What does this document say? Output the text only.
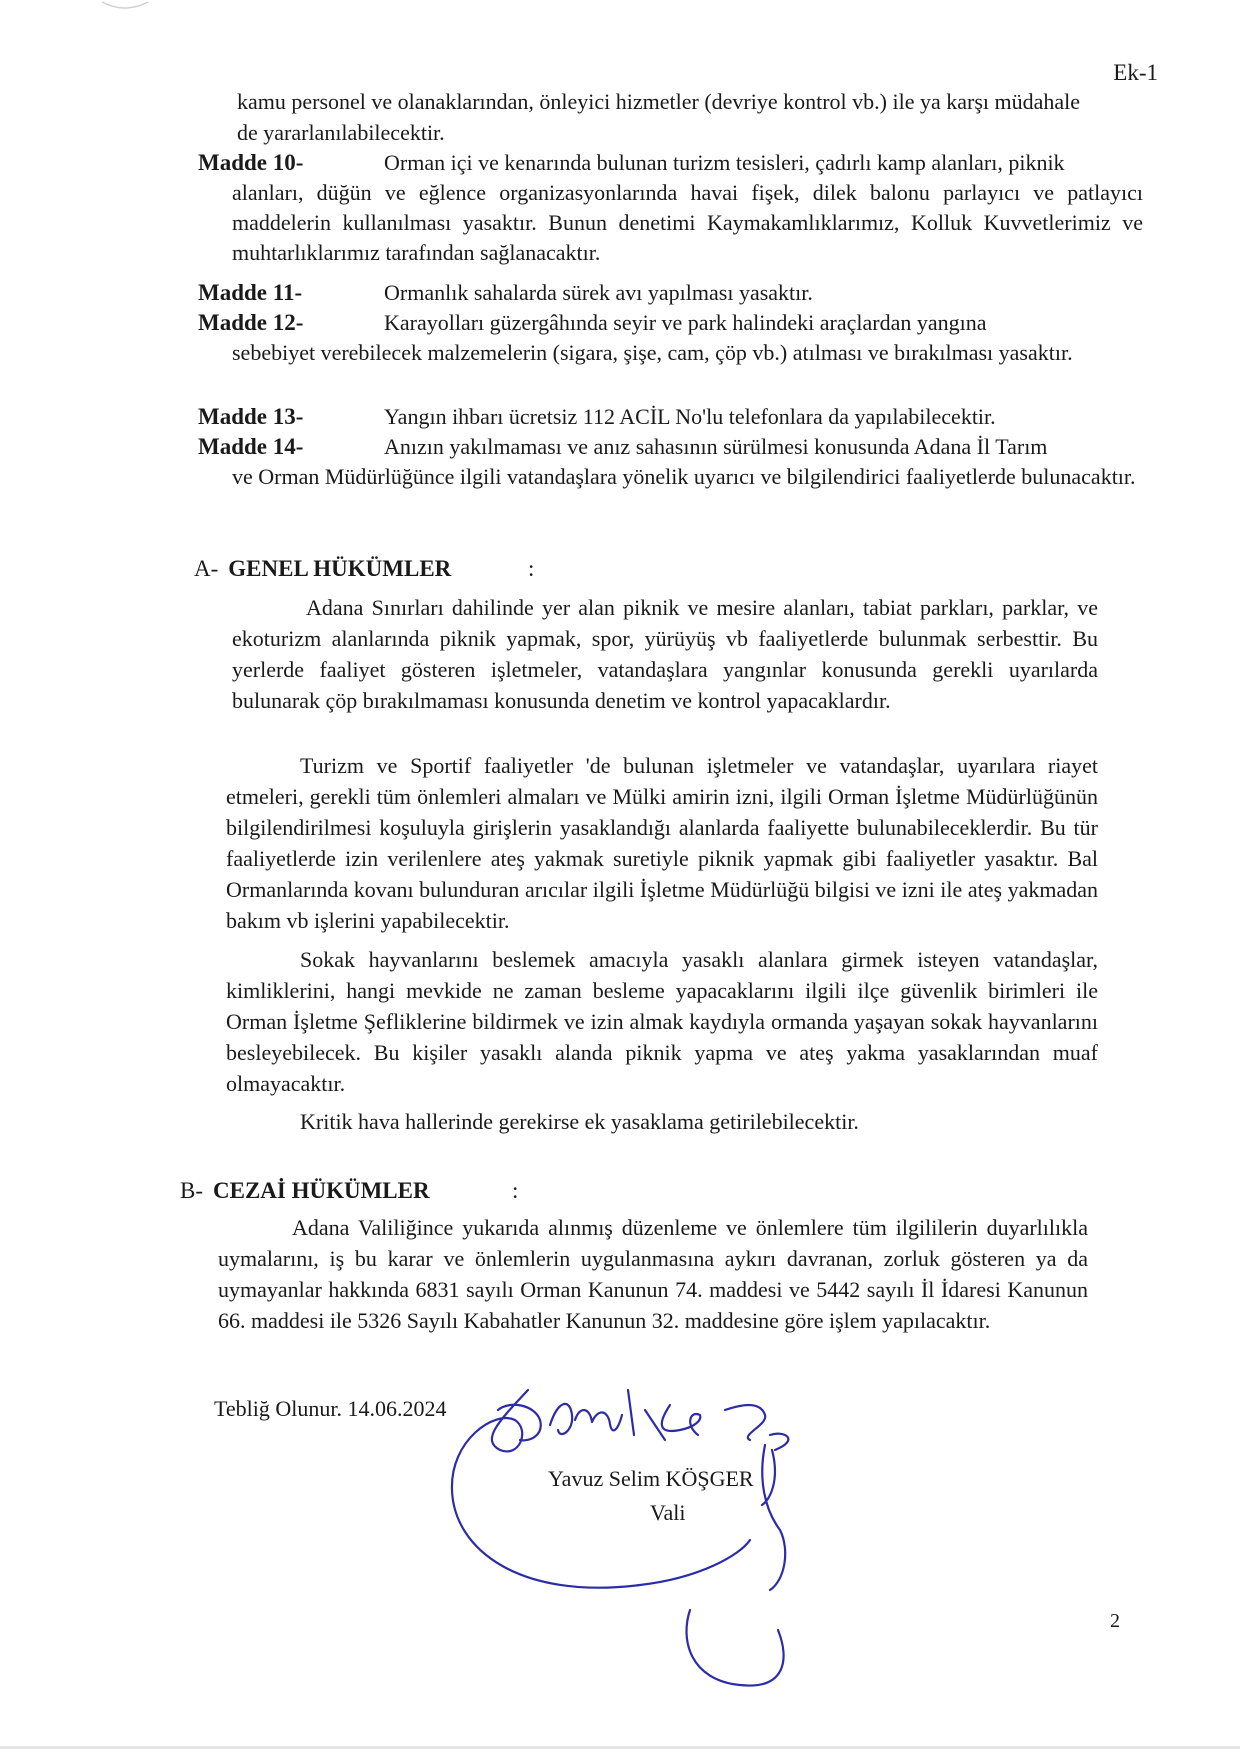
Ek-1
kamu personel ve olanaklarından, önleyici hizmetler (devriye kontrol vb.) ile ya karşı müdahale de yararlanılabilecektir.
Madde 10-	Orman içi ve kenarında bulunan turizm tesisleri, çadırlı kamp alanları, piknik
alanları, düğün ve eğlence organizasyonlarında havai fişek, dilek balonu parlayıcı ve patlayıcı maddelerin kullanılması yasaktır. Bunun denetimi Kaymakamlıklarımız, Kolluk Kuvvetlerimiz ve muhtarlıklarımız tarafından sağlanacaktır.
Madde 11-	Ormanlık sahalarda sürek avı yapılması yasaktır.
Madde 12-	Karayolları güzergâhında seyir ve park halindeki araçlardan yangına
sebebiyet verebilecek malzemelerin (sigara, şişe, cam, çöp vb.) atılması ve bırakılması yasaktır.
Madde 13-	Yangın ihbarı ücretsiz 112 ACİL No'lu telefonlara da yapılabilecektir.
Madde 14-	Anızın yakılmaması ve anız sahasının sürülmesi konusunda Adana İl Tarım
ve Orman Müdürlüğünce ilgili vatandaşlara yönelik uyarıcı ve bilgilendirici faaliyetlerde bulunacaktır.
A- GENEL HÜKÜMLER	:
Adana Sınırları dahilinde yer alan piknik ve mesire alanları, tabiat parkları, parklar, ve ekoturizm alanlarında piknik yapmak, spor, yürüyüş vb faaliyetlerde bulunmak serbesttir. Bu yerlerde faaliyet gösteren işletmeler, vatandaşlara yangınlar konusunda gerekli uyarılarda bulunarak çöp bırakılmaması konusunda denetim ve kontrol yapacaklardır.
Turizm ve Sportif faaliyetler 'de bulunan işletmeler ve vatandaşlar, uyarılara riayet etmeleri, gerekli tüm önlemleri almaları ve Mülki amirin izni, ilgili Orman İşletme Müdürlüğünün bilgilendirilmesi koşuluyla girişlerin yasaklandığı alanlarda faaliyette bulunabileceklerdir. Bu tür faaliyetlerde izin verilenlere ateş yakmak suretiyle piknik yapmak gibi faaliyetler yasaktır. Bal Ormanlarında kovanı bulunduran arıcılar ilgili İşletme Müdürlüğü bilgisi ve izni ile ateş yakmadan bakım vb işlerini yapabilecektir.
Sokak hayvanlarını beslemek amacıyla yasaklı alanlara girmek isteyen vatandaşlar, kimliklerini, hangi mevkide ne zaman besleme yapacaklarını ilgili ilçe güvenlik birimleri ile Orman İşletme Şefliklerine bildirmek ve izin almak kaydıyla ormanda yaşayan sokak hayvanlarını besleyebilecek. Bu kişiler yasaklı alanda piknik yapma ve ateş yakma yasaklarından muaf olmayacaktır.
Kritik hava hallerinde gerekirse ek yasaklama getirilebilecektir.
B- CEZAİ HÜKÜMLER	:
Adana Valiliğince yukarıda alınmış düzenleme ve önlemlere tüm ilgililerin duyarlılıkla uymalarını, iş bu karar ve önlemlerin uygulanmasına aykırı davranan, zorluk gösteren ya da uymayanlar hakkında 6831 sayılı Orman Kanunun 74. maddesi ve 5442 sayılı İl İdaresi Kanunun 66. maddesi ile 5326 Sayılı Kabahatler Kanunun 32. maddesine göre işlem yapılacaktır.
Tebliğ Olunur. 14.06.2024
Yavuz Selim KÖŞGER
Vali
2
